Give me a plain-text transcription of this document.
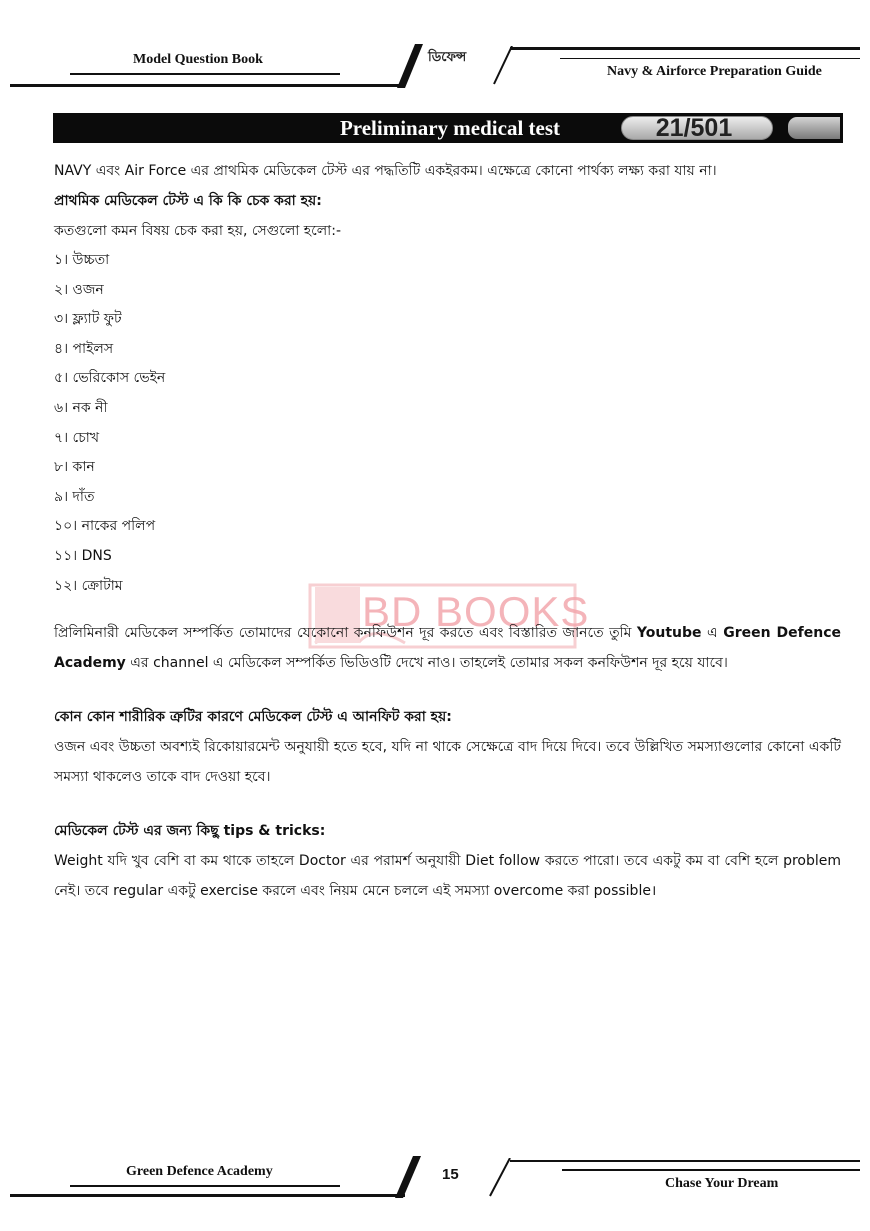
Model Question Book	ডিফেন্স
Navy & Airforce Preparation Guide
Preliminary medical test	21/501
BD BOOKS

NAVY এবং Air Force এর প্রাথমিক মেডিকেল টেস্ট এর পদ্ধতিটি একইরকম। এক্ষেত্রে কোনো পার্থক্য লক্ষ্য করা যায় না।

প্রাথমিক মেডিকেল টেস্ট এ কি কি চেক করা হয়:
কতগুলো কমন বিষয় চেক করা হয়, সেগুলো হলো:-
১। উচ্চতা
২। ওজন
৩। ফ্ল্যাট ফুট
৪। পাইলস
৫। ভেরিকোস ভেইন
৬। নক নী
৭। চোখ
৮। কান
৯। দাঁত
১০। নাকের পলিপ
১১। DNS
১২। ক্রোটাম

প্রিলিমিনারী মেডিকেল সম্পর্কিত তোমাদের যেকোনো কনফিউশন দূর করতে এবং বিস্তারিত জানতে তুমি Youtube এ Green Defence Academy এর channel এ মেডিকেল সম্পর্কিত ভিডিওটি দেখে নাও। তাহলেই তোমার সকল কনফিউশন দূর হয়ে যাবে।

কোন কোন শারীরিক ত্রুটির কারণে মেডিকেল টেস্ট এ আনফিট করা হয়:

ওজন এবং উচ্চতা অবশ্যই রিকোয়ারমেন্ট অনুযায়ী হতে হবে, যদি না থাকে সেক্ষেত্রে বাদ দিয়ে দিবে। তবে উল্লিখিত সমস্যাগুলোর কোনো একটি সমস্যা থাকলেও তাকে বাদ দেওয়া হবে।

মেডিকেল টেস্ট এর জন্য কিছু tips & tricks:

Weight যদি খুব বেশি বা কম থাকে তাহলে Doctor এর পরামর্শ অনুযায়ী Diet follow করতে পারো। তবে একটু কম বা বেশি হলে problem নেই। তবে regular একটু exercise করলে এবং নিয়ম মেনে চললে এই সমস্যা overcome করা possible।

Green Defence Academy	15
Chase Your Dream
